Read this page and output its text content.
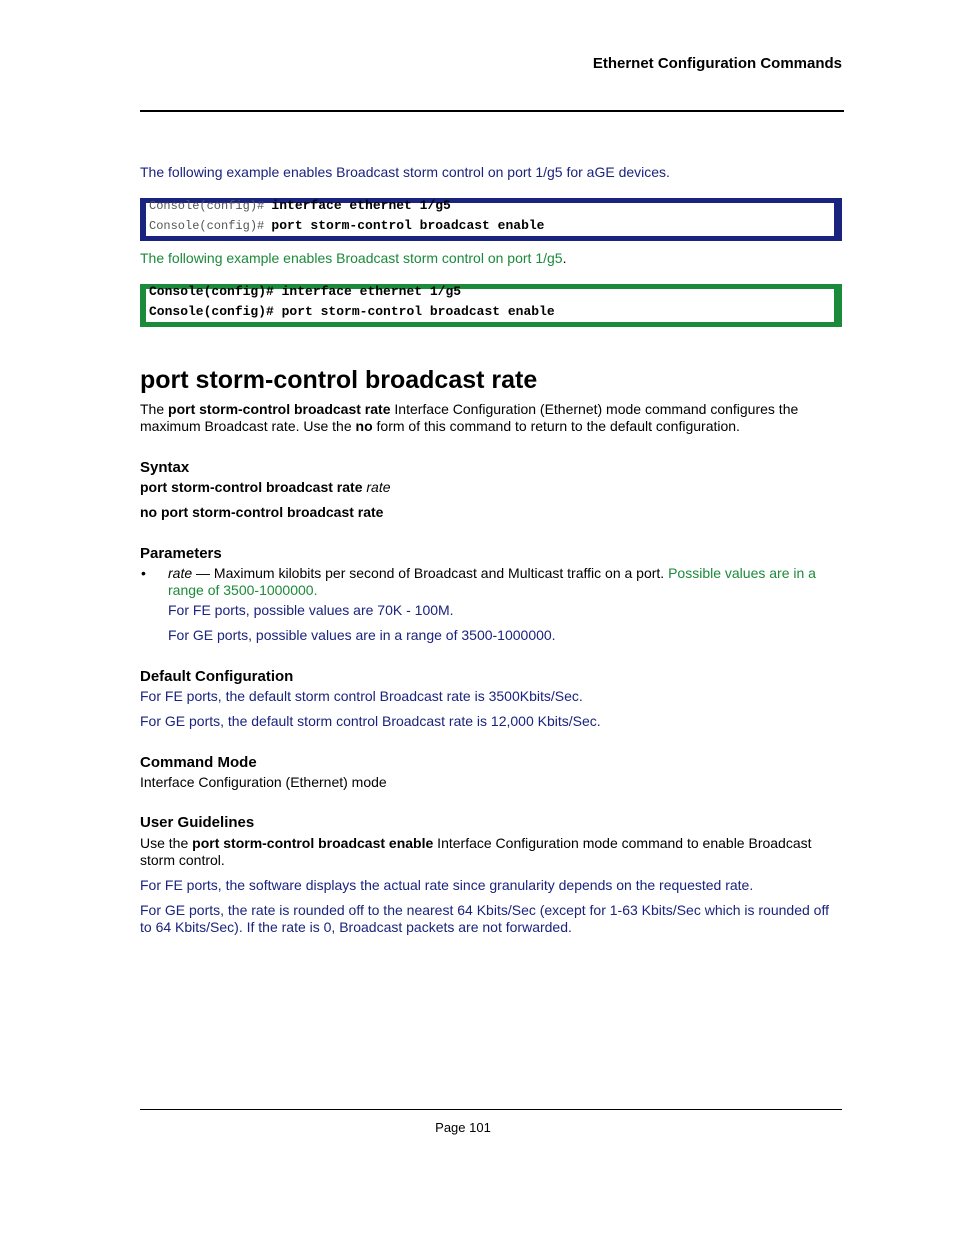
Ethernet Configuration Commands
The following example enables Broadcast storm control on port 1/g5 for aGE devices.
Console(config)# interface ethernet 1/g5
Console(config)# port storm-control broadcast enable
The following example enables Broadcast storm control on port 1/g5.
Console(config)# interface ethernet 1/g5
Console(config)# port storm-control broadcast enable
port storm-control broadcast rate
The port storm-control broadcast rate Interface Configuration (Ethernet) mode command configures the maximum Broadcast rate. Use the no form of this command to return to the default configuration.
Syntax
port storm-control broadcast rate rate
no port storm-control broadcast rate
Parameters
• rate — Maximum kilobits per second of Broadcast and Multicast traffic on a port. Possible values are in a range of 3500-1000000.
For FE ports, possible values are 70K - 100M.
For GE ports, possible values are in a range of 3500-1000000.
Default Configuration
For FE ports, the default storm control Broadcast rate is 3500Kbits/Sec.
For GE ports, the default storm control Broadcast rate is 12,000 Kbits/Sec.
Command Mode
Interface Configuration (Ethernet) mode
User Guidelines
Use the port storm-control broadcast enable Interface Configuration mode command to enable Broadcast storm control.
For FE ports, the software displays the actual rate since granularity depends on the requested rate.
For GE ports, the rate is rounded off to the nearest 64 Kbits/Sec (except for 1-63 Kbits/Sec which is rounded off to 64 Kbits/Sec). If the rate is 0, Broadcast packets are not forwarded.
Page 101
